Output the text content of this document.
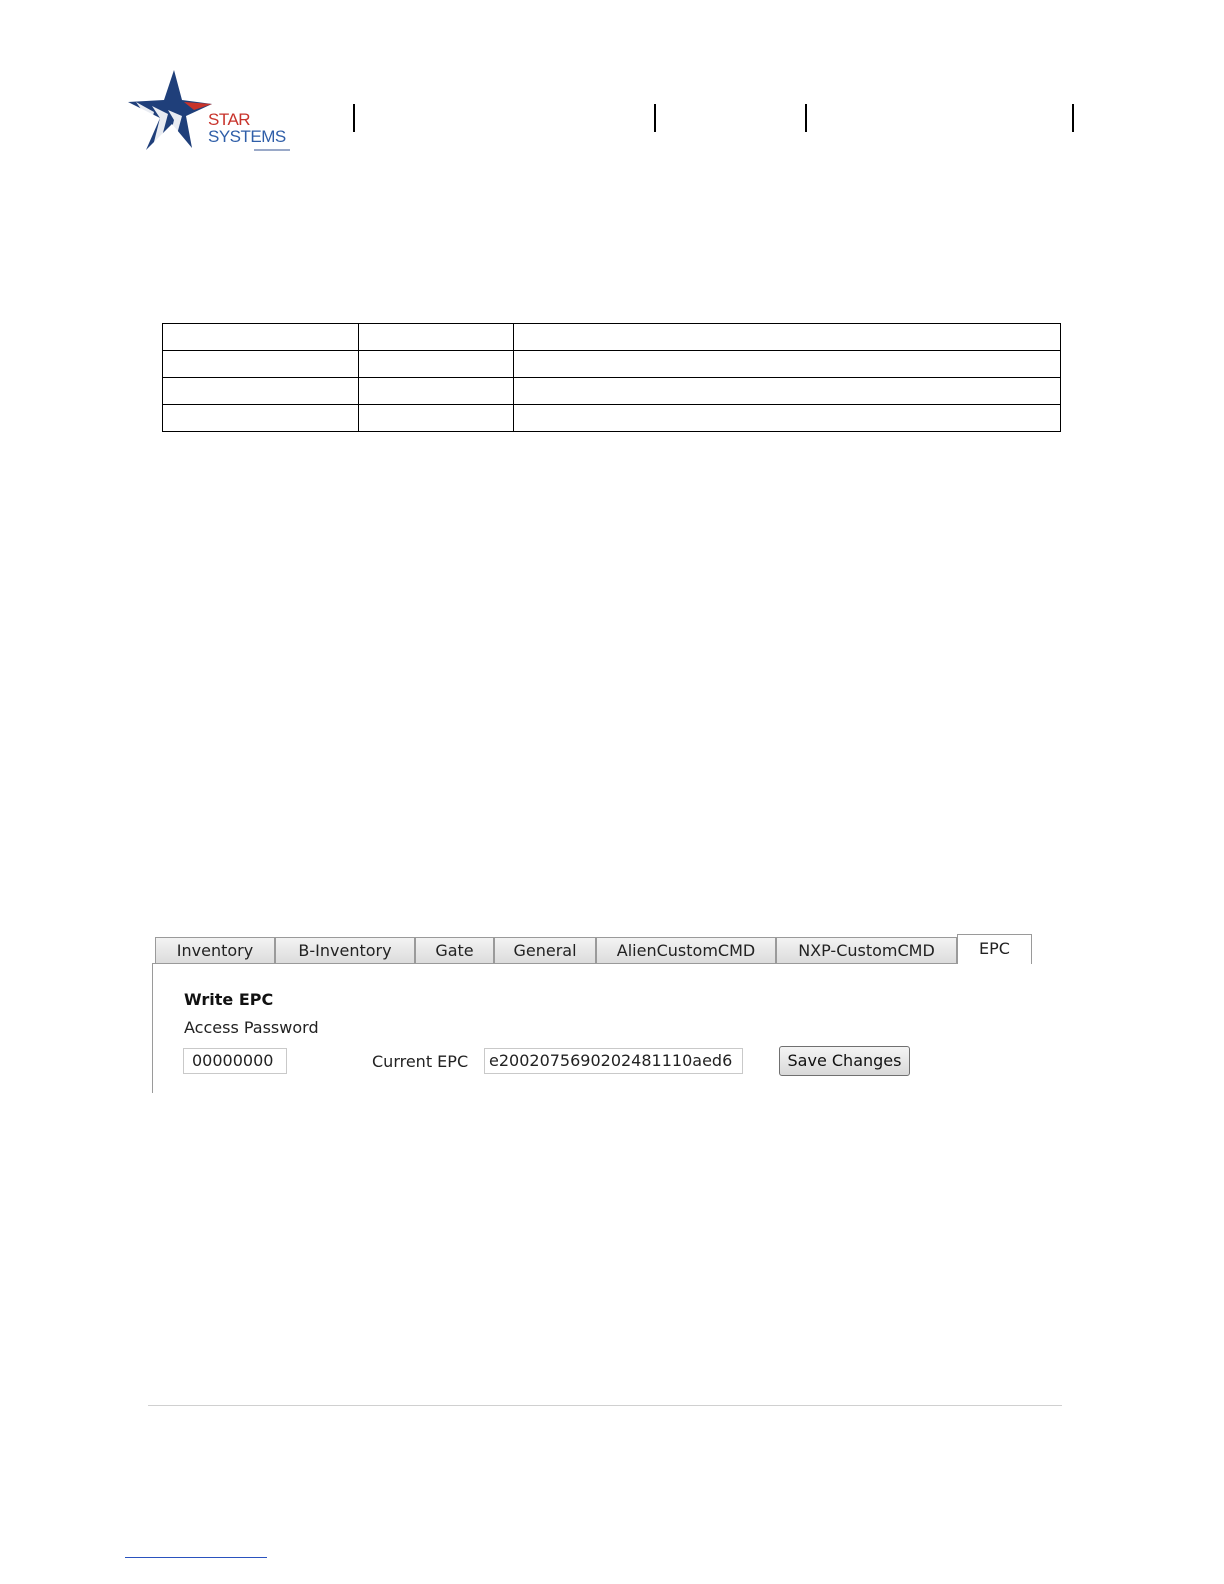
STAR
SYSTEMS

Inventory	B-Inventory	Gate	General	AlienCustomCMD	NXP-CustomCMD	EPC
Write EPC
Access Password
00000000	Current EPC	e2002075690202481110aed6	Save Changes
